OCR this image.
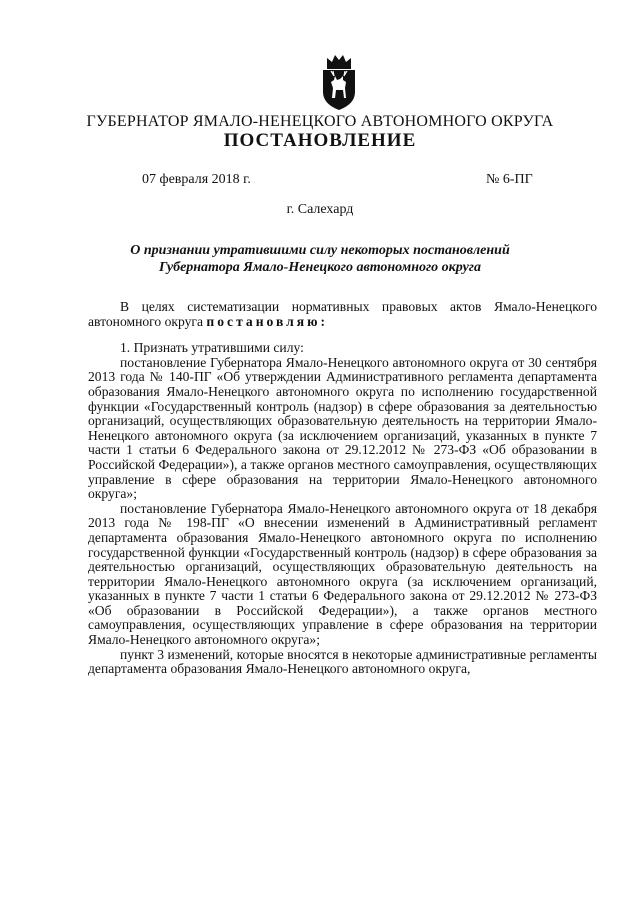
ГУБЕРНАТОР ЯМАЛО-НЕНЕЦКОГО АВТОНОМНОГО ОКРУГА
ПОСТАНОВЛЕНИЕ
07 февраля 2018 г.	№ 6-ПГ
г. Салехард
О признании утратившими силу некоторых постановлений
Губернатора Ямало-Ненецкого автономного округа

В целях систематизации нормативных правовых актов Ямало-Ненецкого автономного округа постановляю:

1. Признать утратившими силу:

постановление Губернатора Ямало-Ненецкого автономного округа от 30 сентября 2013 года № 140-ПГ «Об утверждении Административного регламента департамента образования Ямало-Ненецкого автономного округа по исполнению государственной функции «Государственный контроль (надзор) в сфере образования за деятельностью организаций, осуществляющих образовательную деятельность на территории Ямало-Ненецкого автономного округа (за исключением организаций, указанных в пункте 7 части 1 статьи 6 Федерального закона от 29.12.2012 № 273-ФЗ «Об образовании в Российской Федерации»), а также органов местного самоуправления, осуществляющих управление в сфере образования на территории Ямало-Ненецкого автономного округа»;

постановление Губернатора Ямало-Ненецкого автономного округа от 18 декабря 2013 года № 198-ПГ «О внесении изменений в Административный регламент департамента образования Ямало-Ненецкого автономного округа по исполнению государственной функции «Государственный контроль (надзор) в сфере образования за деятельностью организаций, осуществляющих образовательную деятельность на территории Ямало-Ненецкого автономного округа (за исключением организаций, указанных в пункте 7 части 1 статьи 6 Федерального закона от 29.12.2012 № 273-ФЗ «Об образовании в Российской Федерации»), а также органов местного самоуправления, осуществляющих управление в сфере образования на территории Ямало-Ненецкого автономного округа»;

пункт 3 изменений, которые вносятся в некоторые административные регламенты департамента образования Ямало-Ненецкого автономного округа,
